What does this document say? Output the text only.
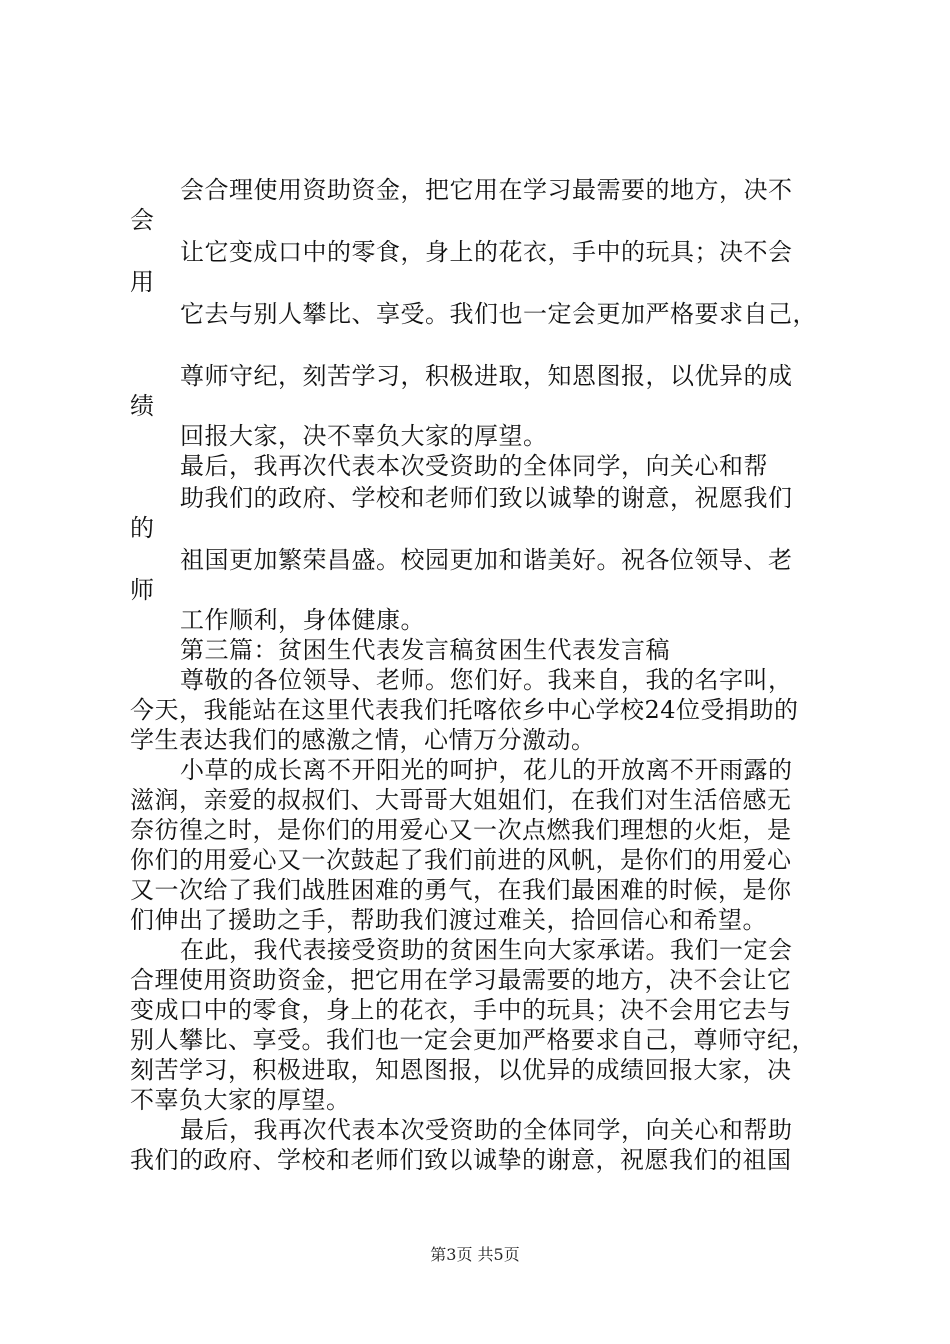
会合理使用资助资金，把它用在学习最需要的地方，决不
会
让它变成口中的零食，身上的花衣，手中的玩具；决不会
用
它去与别人攀比、享受。我们也一定会更加严格要求自己，
尊师守纪，刻苦学习，积极进取，知恩图报，以优异的成
绩
回报大家，决不辜负大家的厚望。
最后，我再次代表本次受资助的全体同学，向关心和帮
助我们的政府、学校和老师们致以诚挚的谢意，祝愿我们
的
祖国更加繁荣昌盛。校园更加和谐美好。祝各位领导、老
师
工作顺利，身体健康。
第三篇：贫困生代表发言稿贫困生代表发言稿
尊敬的各位领导、老师。您们好。我来自，我的名字叫，
今天，我能站在这里代表我们托喀依乡中心学校24位受捐助的
学生表达我们的感激之情，心情万分激动。
小草的成长离不开阳光的呵护，花儿的开放离不开雨露的
滋润，亲爱的叔叔们、大哥哥大姐姐们，在我们对生活倍感无
奈彷徨之时，是你们的用爱心又一次点燃我们理想的火炬，是
你们的用爱心又一次鼓起了我们前进的风帆，是你们的用爱心
又一次给了我们战胜困难的勇气，在我们最困难的时候，是你
们伸出了援助之手，帮助我们渡过难关，拾回信心和希望。
在此，我代表接受资助的贫困生向大家承诺。我们一定会
合理使用资助资金，把它用在学习最需要的地方，决不会让它
变成口中的零食，身上的花衣，手中的玩具；决不会用它去与
别人攀比、享受。我们也一定会更加严格要求自己，尊师守纪，
刻苦学习，积极进取，知恩图报，以优异的成绩回报大家，决
不辜负大家的厚望。
最后，我再次代表本次受资助的全体同学，向关心和帮助
我们的政府、学校和老师们致以诚挚的谢意，祝愿我们的祖国
第3页 共5页
